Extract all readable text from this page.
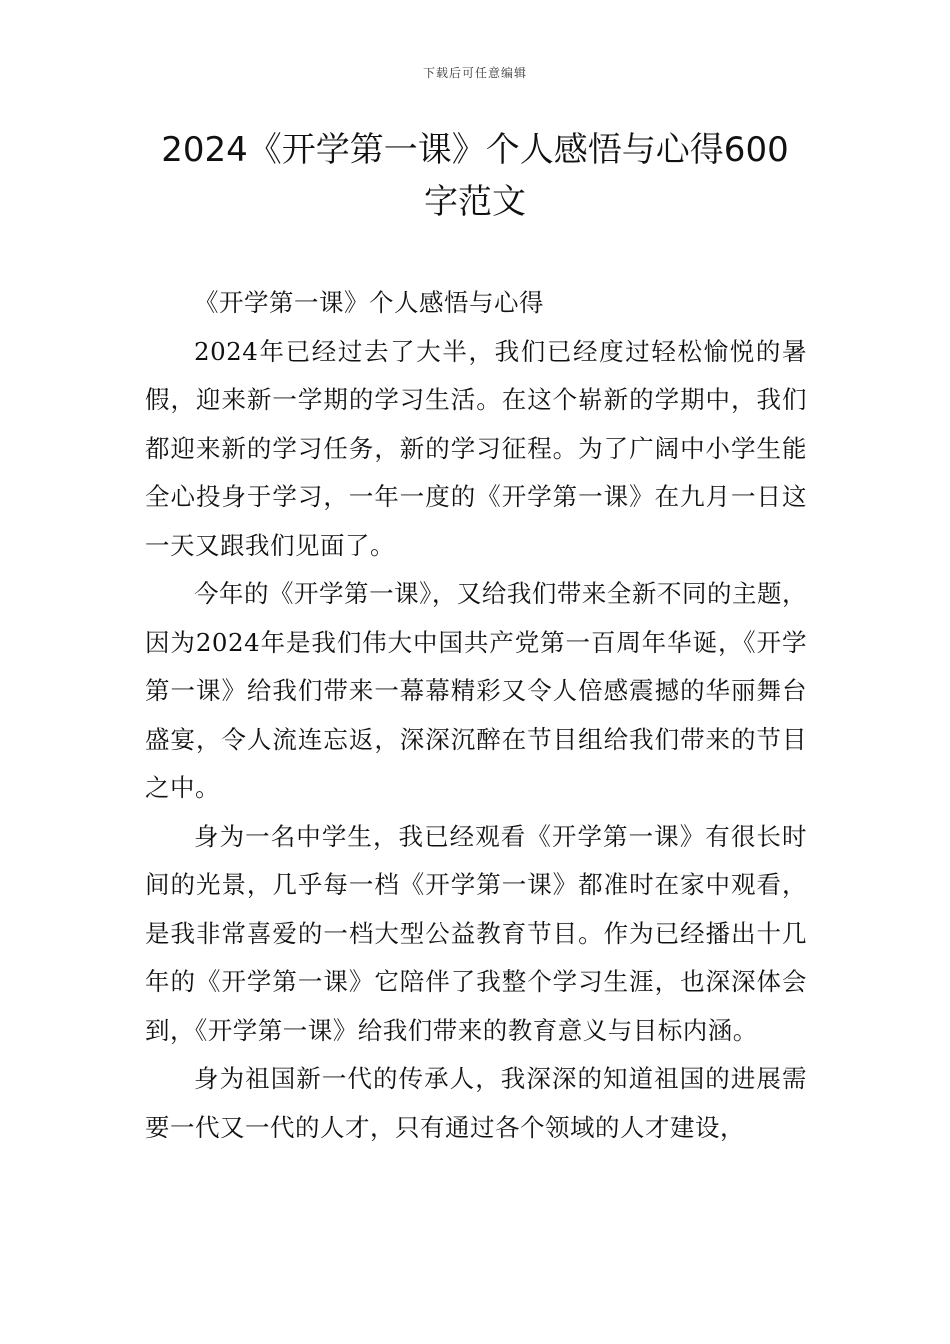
下载后可任意编辑
2024《开学第一课》个人感悟与心得600
字范文

《开学第一课》个人感悟与心得

2024年已经过去了大半，我们已经度过轻松愉悦的暑假，迎来新一学期的学习生活。在这个崭新的学期中，我们都迎来新的学习任务，新的学习征程。为了广阔中小学生能全心投身于学习，一年一度的《开学第一课》在九月一日这一天又跟我们见面了。

今年的《开学第一课》，又给我们带来全新不同的主题，因为2024年是我们伟大中国共产党第一百周年华诞，《开学第一课》给我们带来一幕幕精彩又令人倍感震撼的华丽舞台盛宴，令人流连忘返，深深沉醉在节目组给我们带来的节目之中。

身为一名中学生，我已经观看《开学第一课》有很长时间的光景，几乎每一档《开学第一课》都准时在家中观看，是我非常喜爱的一档大型公益教育节目。作为已经播出十几年的《开学第一课》它陪伴了我整个学习生涯，也深深体会到，《开学第一课》给我们带来的教育意义与目标内涵。

身为祖国新一代的传承人，我深深的知道祖国的进展需要一代又一代的人才，只有通过各个领域的人才建设，
